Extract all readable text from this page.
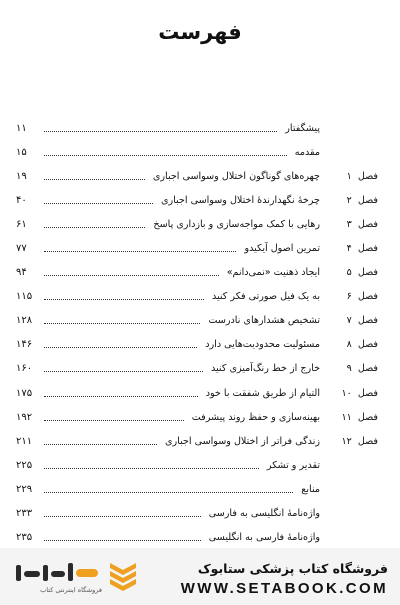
فهرست
پیشگفتار
۱۱
مقدمه
۱۵
فصل
۱
چهره‌های گوناگون اختلال وسواسی اجباری
۱۹
فصل
۲
چرخهٔ نگهدارندهٔ اختلال وسواسی اجباری
۴۰
فصل
۳
رهایی با کمک مواجه‌سازی و بازداری پاسخ
۶۱
فصل
۴
تمرین اصول آیکیدو
۷۷
فصل
۵
ایجاد ذهنیت «نمی‌دانم»
۹۴
فصل
۶
به یک فیل صورتی فکر کنید
۱۱۵
فصل
۷
تشخیص هشدارهای نادرست
۱۲۸
فصل
۸
مسئولیت محدودیت‌هایی دارد
۱۴۶
فصل
۹
خارج از خط رنگ‌آمیزی کنید
۱۶۰
فصل
۱۰
التیام از طریق شفقت با خود
۱۷۵
فصل
۱۱
بهینه‌سازی و حفظ روند پیشرفت
۱۹۲
فصل
۱۲
زندگی فراتر از اختلال وسواسی اجباری
۲۱۱
تقدیر و تشکر
۲۲۵
منابع
۲۲۹
واژه‌نامهٔ انگلیسی به فارسی
۲۳۳
واژه‌نامهٔ فارسی به انگلیسی
۲۳۵
فروشگاه اینترنتی کتاب
فروشگاه کتاب پزشکی ستابوک
WWW.SETABOOK.COM
